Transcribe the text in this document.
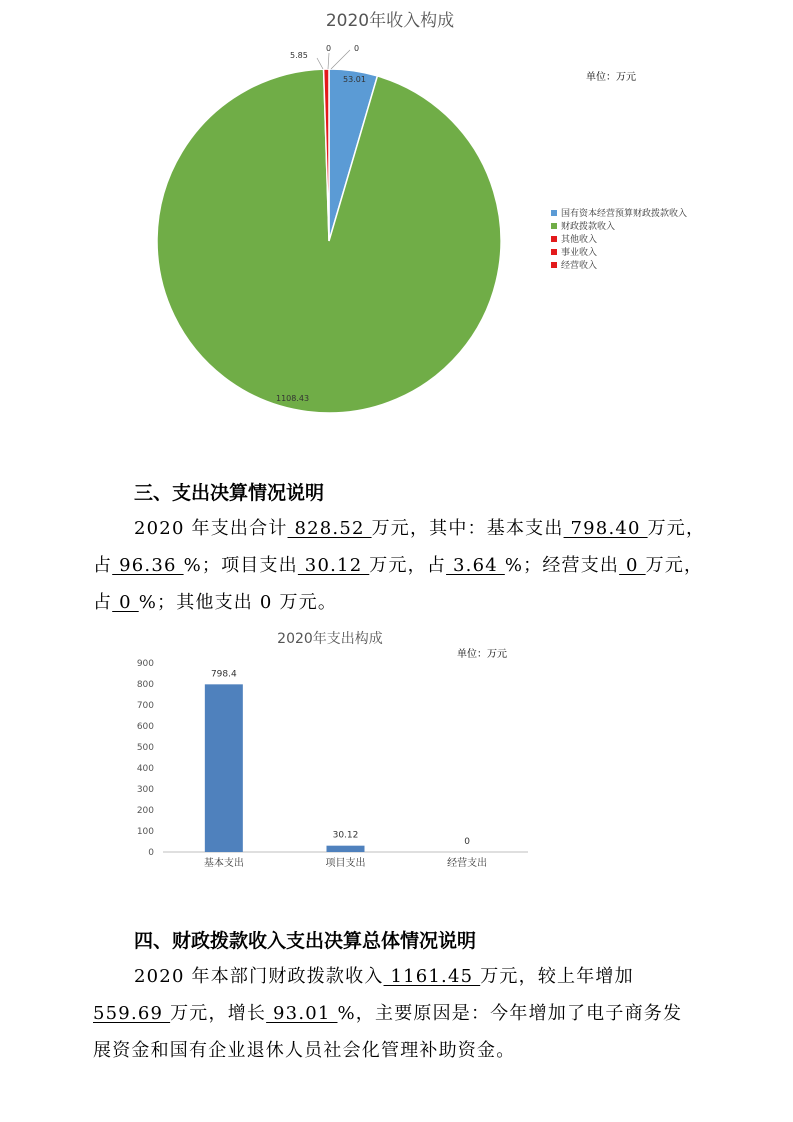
2020年收入构成
单位：万元
53.01
1108.43
5.85
0	0
国有资本经营预算财政拨款收入
财政拨款收入
其他收入
事业收入
经营收入
三、支出决算情况说明

2020 年支出合计 828.52 万元，其中：基本支出 798.40 万元，

占 96.36 %；项目支出 30.12 万元，占 3.64 %；经营支出 0 万元，

占 0 %；其他支出 0 万元。

2020年支出构成
单位：万元
0
100
200
300
400
500
600
700
800
900
798.4
基本支出
30.12
项目支出
0
经营支出
四、财政拨款收入支出决算总体情况说明

2020 年本部门财政拨款收入 1161.45 万元，较上年增加

559.69 万元，增长 93.01 %，主要原因是：今年增加了电子商务发

展资金和国有企业退休人员社会化管理补助资金。
